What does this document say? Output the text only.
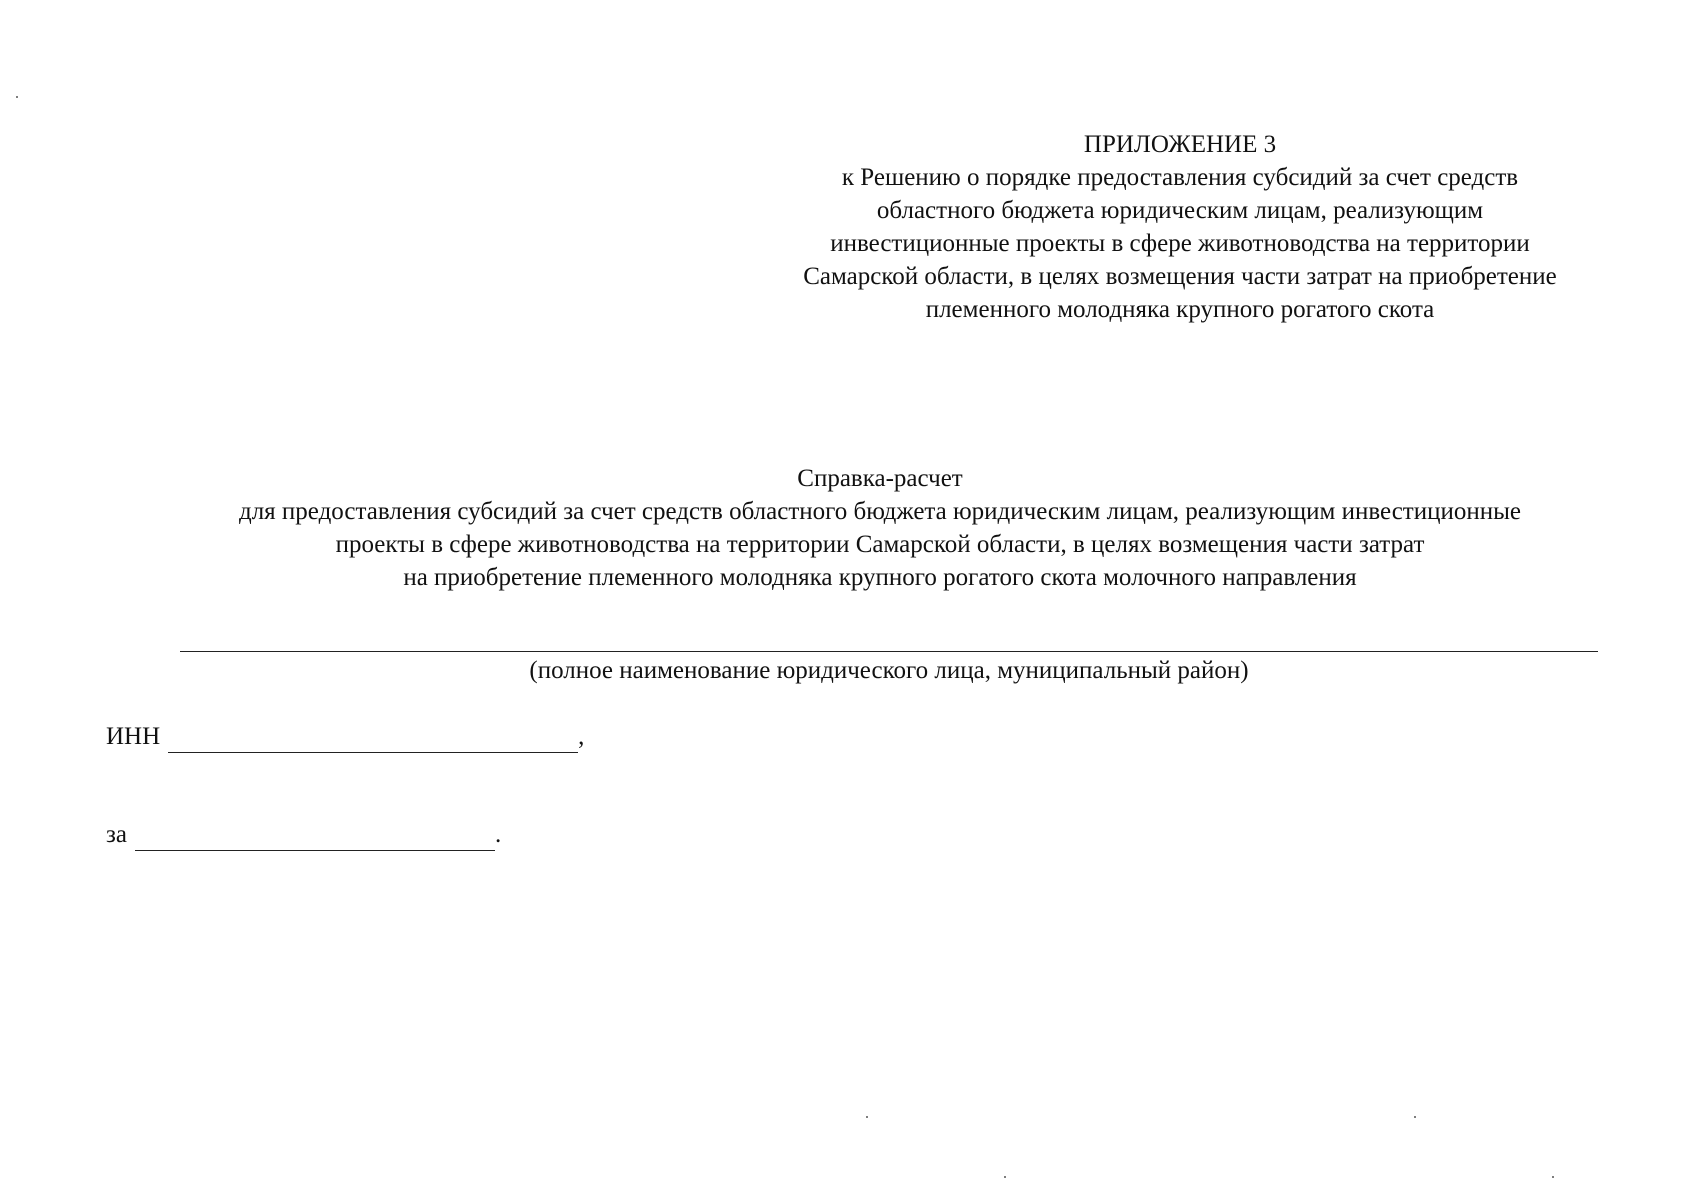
ПРИЛОЖЕНИЕ 3
к Решению о порядке предоставления субсидий за счет средств
областного бюджета юридическим лицам, реализующим
инвестиционные проекты в сфере животноводства на территории
Самарской области, в целях возмещения части затрат на приобретение
племенного молодняка крупного рогатого скота
Справка-расчет
для предоставления субсидий за счет средств областного бюджета юридическим лицам, реализующим инвестиционные
проекты в сфере животноводства на территории Самарской области, в целях возмещения части затрат
на приобретение племенного молодняка крупного рогатого скота молочного направления
(полное наименование юридического лица, муниципальный район)
ИНН	,
за	.
